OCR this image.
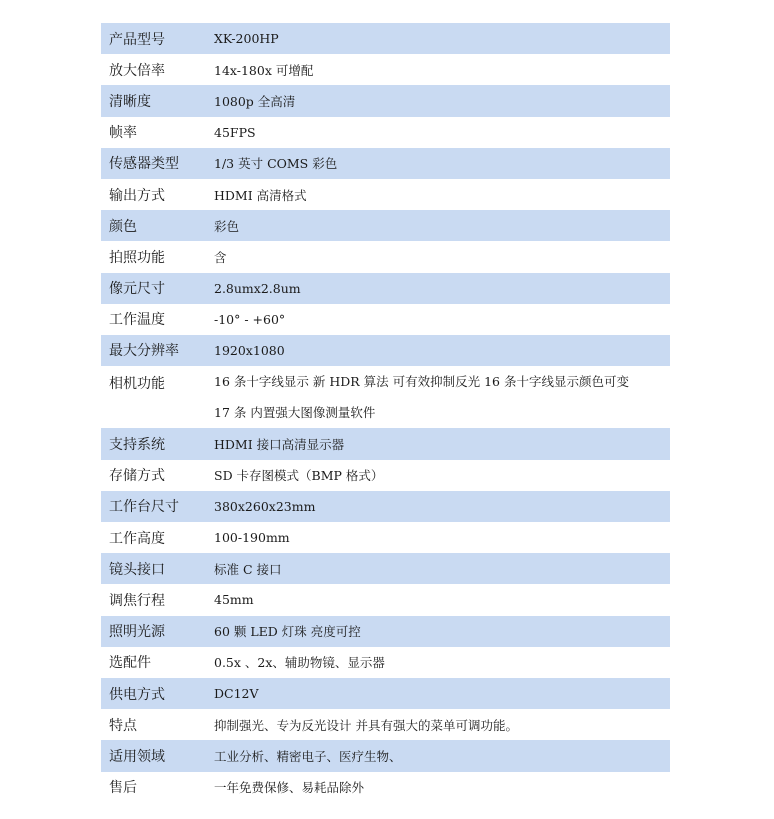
产品型号	XK-200HP
放大倍率	14x-180x 可增配
清晰度	1080p 全高清
帧率	45FPS
传感器类型	1/3 英寸 COMS 彩色
输出方式	HDMI 高清格式
颜色	彩色
拍照功能	含
像元尺寸	2.8umx2.8um
工作温度	-10° - +60°
最大分辨率	1920x1080
相机功能	16 条十字线显示 新 HDR 算法 可有效抑制反光 16 条十字线显示颜色可变
17 条 内置强大图像测量软件
支持系统	HDMI 接口高清显示器
存储方式	SD 卡存图模式（BMP 格式）
工作台尺寸	380x260x23mm
工作高度	100-190mm
镜头接口	标准 C 接口
调焦行程	45mm
照明光源	60 颗 LED 灯珠 亮度可控
选配件	0.5x 、2x、辅助物镜、显示器
供电方式	DC12V
特点	抑制强光、专为反光设计 并具有强大的菜单可调功能。
适用领域	工业分析、精密电子、医疗生物、
售后	一年免费保修、易耗品除外
